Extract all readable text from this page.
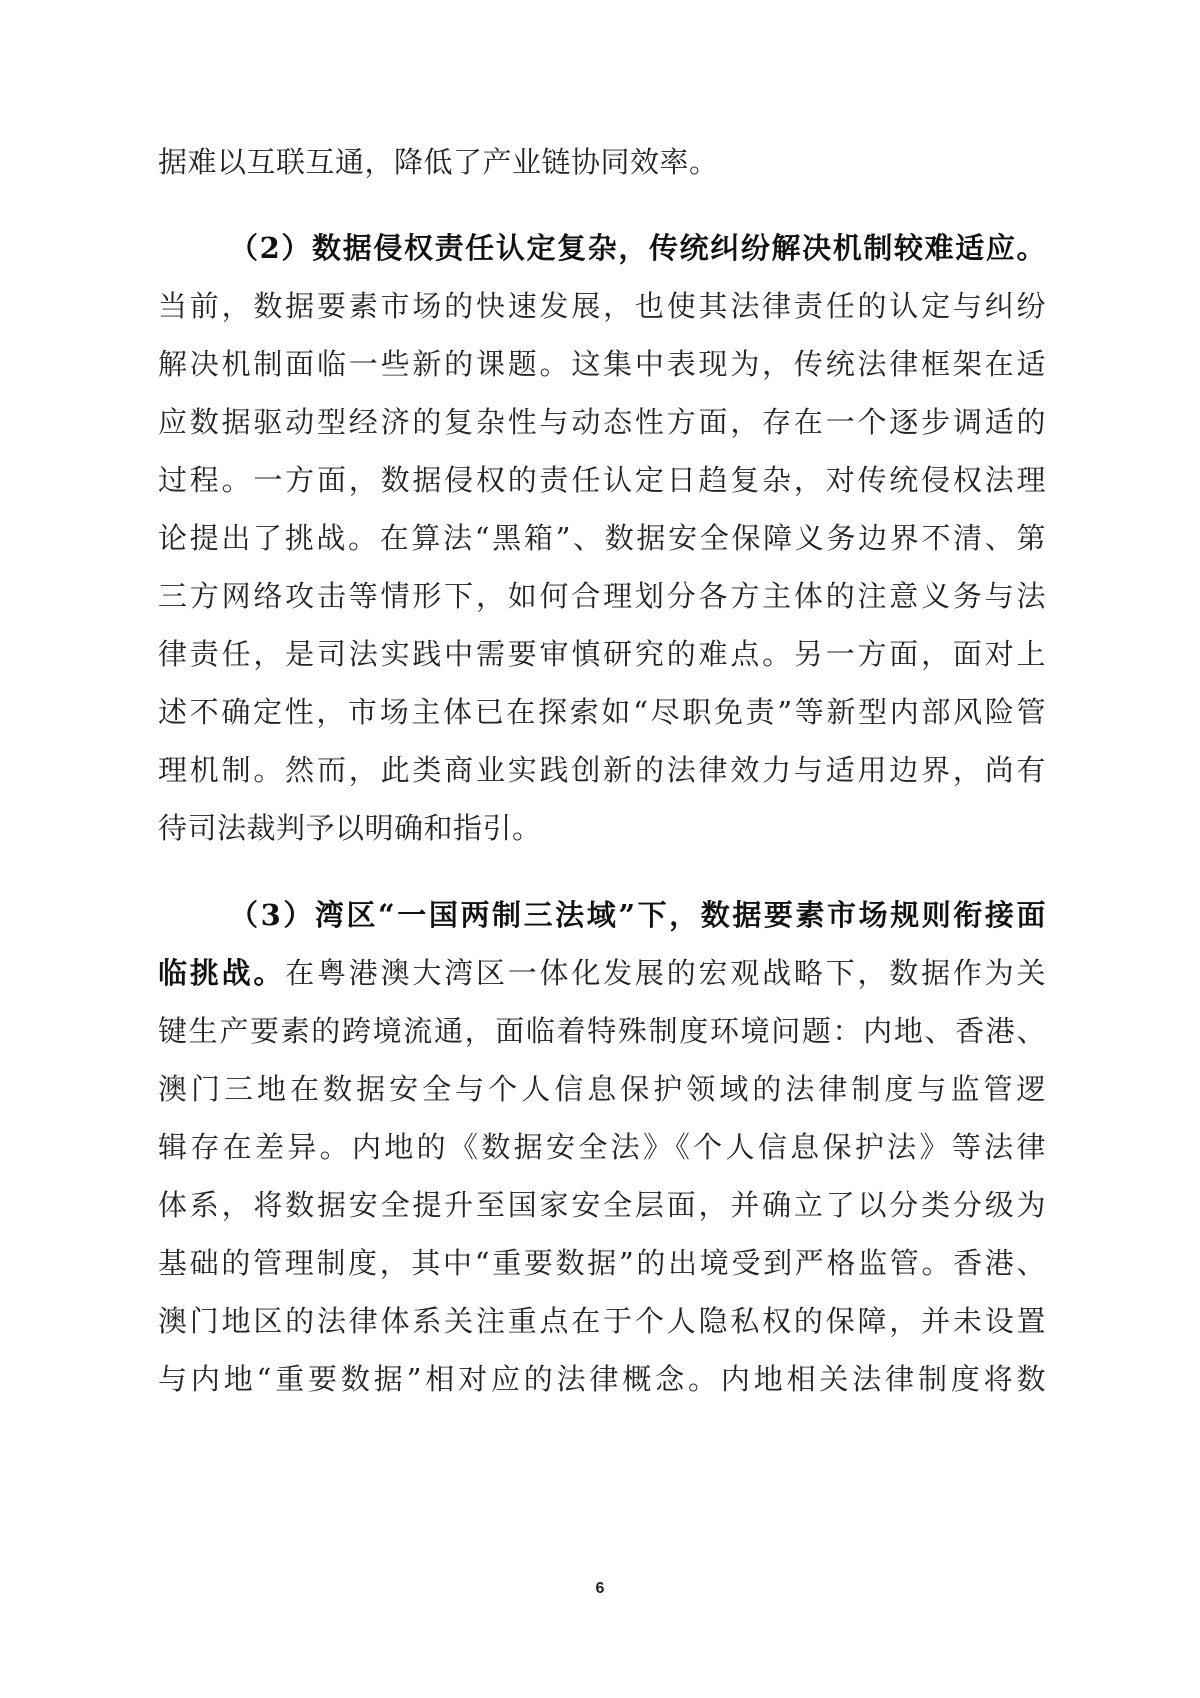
据难以互联互通，降低了产业链协同效率。
（2）数据侵权责任认定复杂，传统纠纷解决机制较难适应。
当前，数据要素市场的快速发展，也使其法律责任的认定与纠纷
解决机制面临一些新的课题。这集中表现为，传统法律框架在适
应数据驱动型经济的复杂性与动态性方面，存在一个逐步调适的
过程。一方面，数据侵权的责任认定日趋复杂，对传统侵权法理
论提出了挑战。在算法“黑箱”、数据安全保障义务边界不清、第
三方网络攻击等情形下，如何合理划分各方主体的注意义务与法
律责任，是司法实践中需要审慎研究的难点。另一方面，面对上
述不确定性，市场主体已在探索如“尽职免责”等新型内部风险管
理机制。然而，此类商业实践创新的法律效力与适用边界，尚有
待司法裁判予以明确和指引。
（3）湾区“一国两制三法域”下，数据要素市场规则衔接面
临挑战。在粤港澳大湾区一体化发展的宏观战略下，数据作为关
键生产要素的跨境流通，面临着特殊制度环境问题：内地、香港、
澳门三地在数据安全与个人信息保护领域的法律制度与监管逻
辑存在差异。内地的《数据安全法》《个人信息保护法》等法律
体系，将数据安全提升至国家安全层面，并确立了以分类分级为
基础的管理制度，其中“重要数据”的出境受到严格监管。香港、
澳门地区的法律体系关注重点在于个人隐私权的保障，并未设置
与内地“重要数据”相对应的法律概念。内地相关法律制度将数
6
